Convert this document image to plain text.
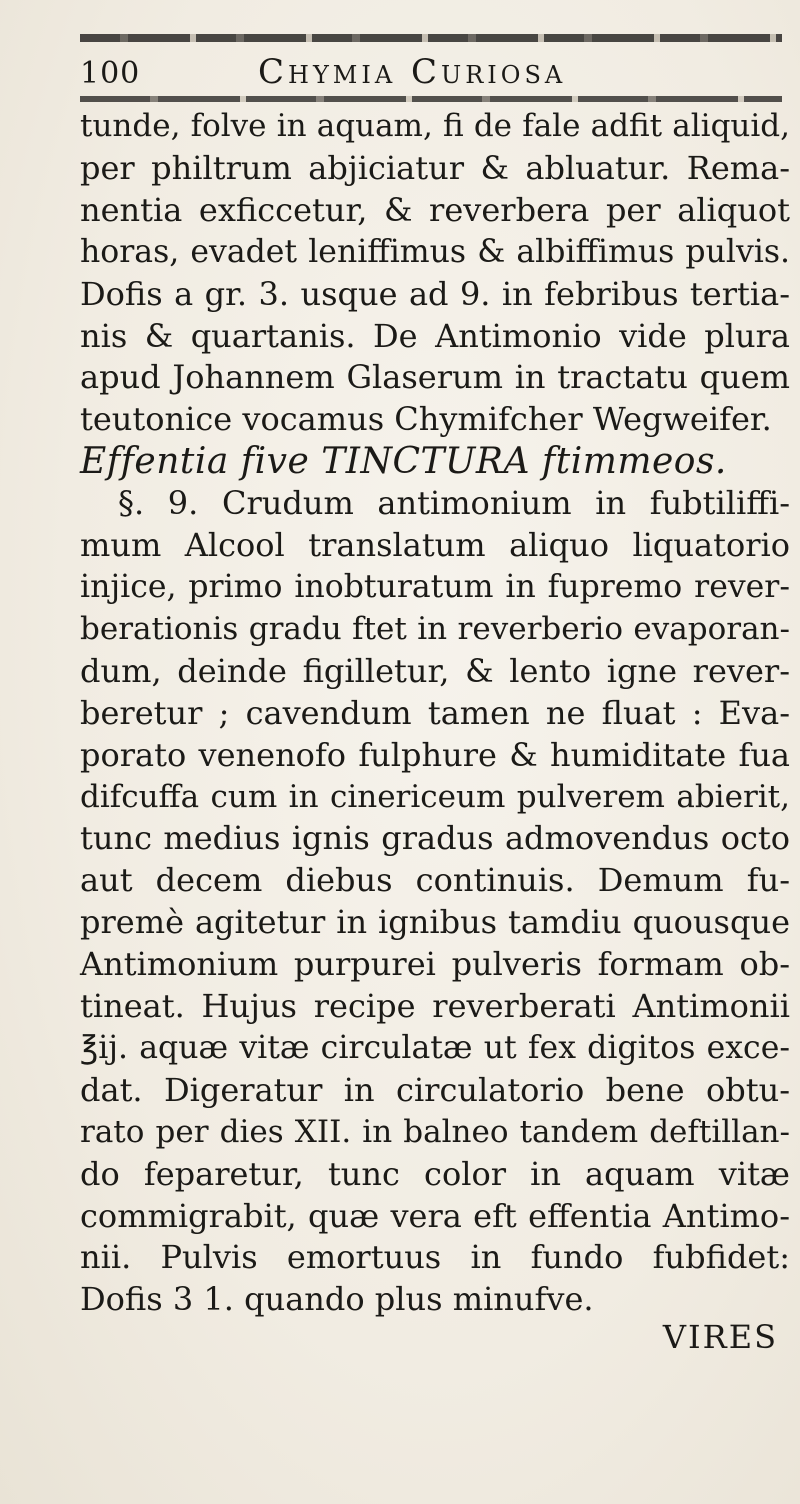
100	Chymia Curiosa
tunde, folve in aquam, fi de fale adfit aliquid,
per philtrum abjiciatur & abluatur. Rema-
nentia exficcetur, & reverbera per aliquot
horas, evadet leniffimus & albiffimus pulvis.
Dofis a gr. 3. usque ad 9. in febribus tertia-
nis & quartanis. De Antimonio vide plura
apud Johannem Glaserum in tractatu quem
teutonice vocamus Chymifcher Wegweifer.
Effentia five TINCTURA ftimmeos.
§. 9. Crudum antimonium in fubtiliffi-
mum Alcool translatum aliquo liquatorio
injice, primo inobturatum in fupremo rever-
berationis gradu ftet in reverberio evaporan-
dum, deinde figilletur, & lento igne rever-
beretur ; cavendum tamen ne fluat : Eva-
porato venenofo fulphure & humiditate fua
difcuffa cum in cinericeum pulverem abierit,
tunc medius ignis gradus admovendus octo
aut decem diebus continuis. Demum fu-
premè agitetur in ignibus tamdiu quousque
Antimonium purpurei pulveris formam ob-
tineat. Hujus recipe reverberati Antimonii
℥ij. aquæ vitæ circulatæ ut fex digitos exce-
dat. Digeratur in circulatorio bene obtu-
rato per dies XII. in balneo tandem deftillan-
do feparetur, tunc color in aquam vitæ
commigrabit, quæ vera eft effentia Antimo-
nii. Pulvis emortuus in fundo fubfidet:
Dofis 3 1. quando plus minufve.
VIRES
